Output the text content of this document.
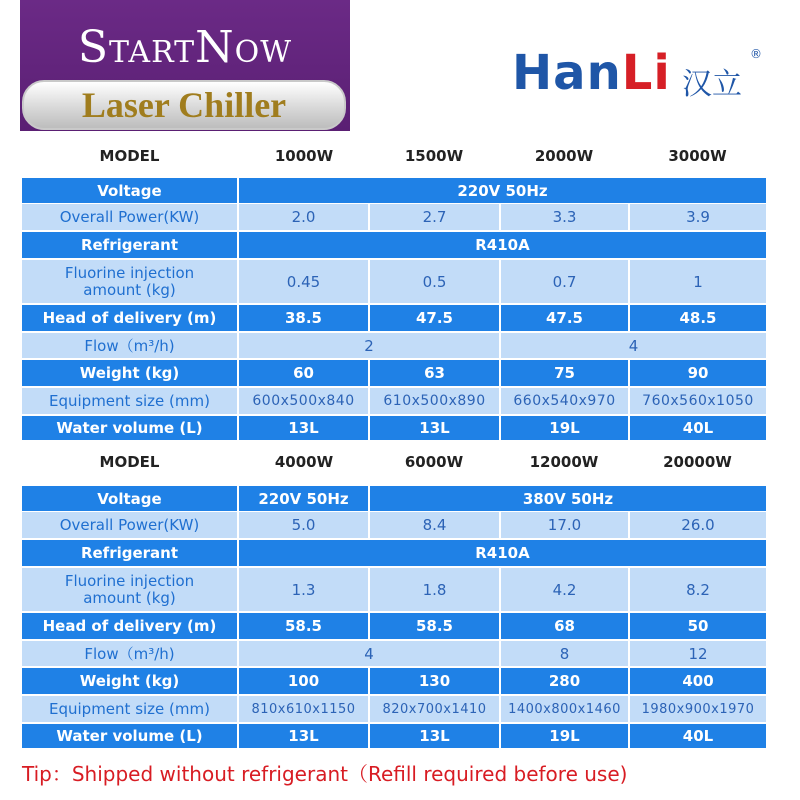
STARTNOW
Laser Chiller
HanLi 汉立
®
MODEL	1000W	1500W	2000W	3000W
Voltage	220V 50Hz
Overall Power(KW)	2.0	2.7	3.3	3.9
Refrigerant	R410A
Fluorine injection
amount (kg)	0.45	0.5	0.7	1
Head of delivery (m)	38.5	47.5	47.5	48.5
Flow（m³/h)	2	4
Weight (kg)	60	63	75	90
Equipment size (mm)	600x500x840	610x500x890	660x540x970	760x560x1050
Water volume (L)	13L	13L	19L	40L
MODEL	4000W	6000W	12000W	20000W
Voltage	220V 50Hz	380V 50Hz
Overall Power(KW)	5.0	8.4	17.0	26.0
Refrigerant	R410A
Fluorine injection
amount (kg)	1.3	1.8	4.2	8.2
Head of delivery (m)	58.5	58.5	68	50
Flow（m³/h)	4	8	12
Weight (kg)	100	130	280	400
Equipment size (mm)	810x610x1150	820x700x1410	1400x800x1460	1980x900x1970
Water volume (L)	13L	13L	19L	40L
Tip：Shipped without refrigerant（Refill required before use)
